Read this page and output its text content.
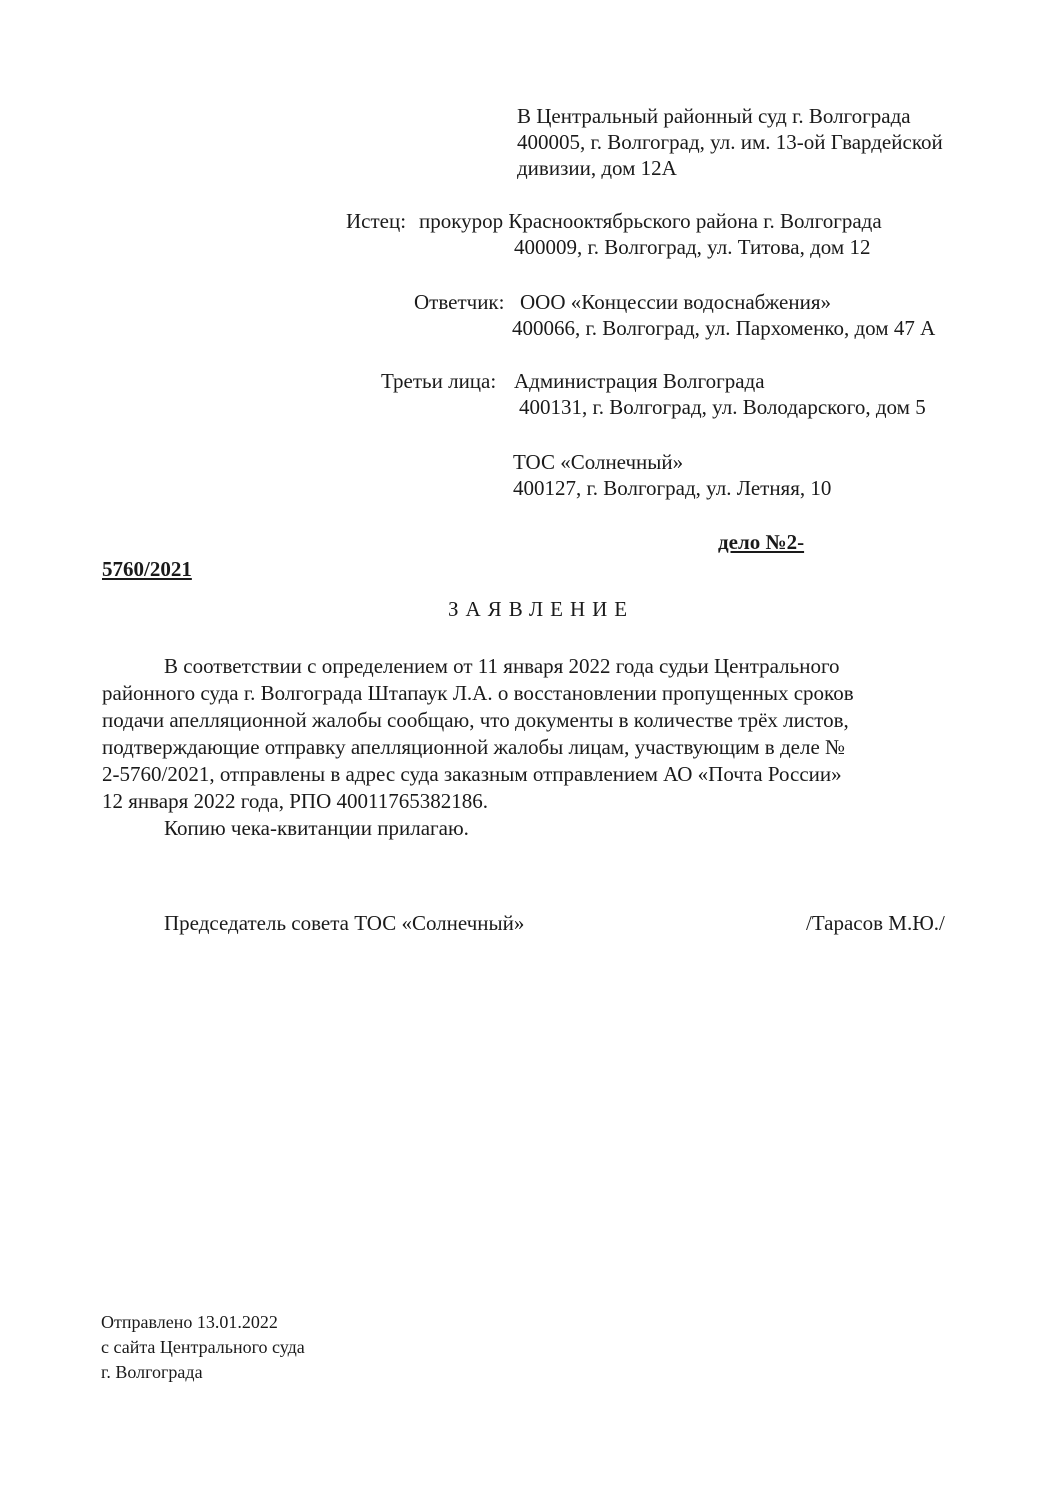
В Центральный районный суд г. Волгограда
400005, г. Волгоград, ул. им. 13-ой Гвардейской
дивизии, дом 12А
Истец: прокурор Краснооктябрьского района г. Волгограда
400009, г. Волгоград, ул. Титова, дом 12
Ответчик: ООО «Концессии водоснабжения»
400066, г. Волгоград, ул. Пархоменко, дом 47 А
Третьи лица: Администрация Волгограда
400131, г. Волгоград, ул. Володарского, дом 5
ТОС «Солнечный»
400127, г. Волгоград, ул. Летняя, 10
дело №2-
5760/2021
ЗАЯВЛЕНИЕ
В соответствии с определением от 11 января 2022 года судьи Центрального
районного суда г. Волгограда Штапаук Л.А. о восстановлении пропущенных сроков
подачи апелляционной жалобы сообщаю, что документы в количестве трёх листов,
подтверждающие отправку апелляционной жалобы лицам, участвующим в деле №
2-5760/2021, отправлены в адрес суда заказным отправлением АО «Почта России»
12 января 2022 года, РПО 40011765382186.
Копию чека-квитанции прилагаю.
Председатель совета ТОС «Солнечный»	/Тарасов М.Ю./
Отправлено 13.01.2022
с сайта Центрального суда
г. Волгограда
